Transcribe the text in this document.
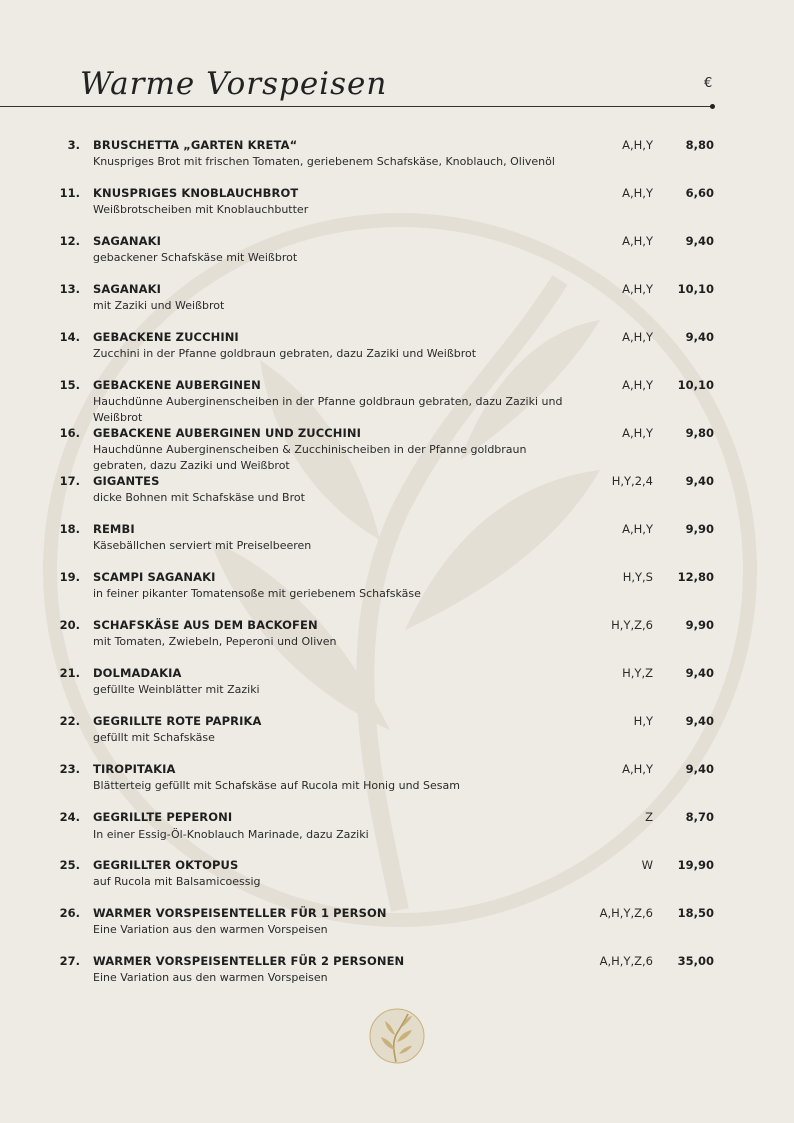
Warme Vorspeisen	€
3. BRUSCHETTA „GARTEN KRETA“
Knuspriges Brot mit frischen Tomaten, geriebenem Schafskäse, Knoblauch, Olivenöl
A,H,Y	8,80
11. KNUSPRIGES KNOBLAUCHBROT
Weißbrotscheiben mit Knoblauchbutter
A,H,Y	6,60
12. SAGANAKI
gebackener Schafskäse mit Weißbrot
A,H,Y	9,40
13. SAGANAKI
mit Zaziki und Weißbrot
A,H,Y	10,10
14. GEBACKENE ZUCCHINI
Zucchini in der Pfanne goldbraun gebraten, dazu Zaziki und Weißbrot
A,H,Y	9,40
15. GEBACKENE AUBERGINEN
Hauchdünne Auberginenscheiben in der Pfanne goldbraun gebraten, dazu Zaziki und Weißbrot
A,H,Y	10,10
16. GEBACKENE AUBERGINEN UND ZUCCHINI
Hauchdünne Auberginenscheiben & Zucchinischeiben in der Pfanne goldbraun gebraten, dazu Zaziki und Weißbrot
A,H,Y	9,80
17. GIGANTES
dicke Bohnen mit Schafskäse und Brot
H,Y,2,4	9,40
18. REMBI
Käsebällchen serviert mit Preiselbeeren
A,H,Y	9,90
19. SCAMPI SAGANAKI
in feiner pikanter Tomatensoße mit geriebenem Schafskäse
H,Y,S	12,80
20. SCHAFSKÄSE AUS DEM BACKOFEN
mit Tomaten, Zwiebeln, Peperoni und Oliven
H,Y,Z,6	9,90
21. DOLMADAKIA
gefüllte Weinblätter mit Zaziki
H,Y,Z	9,40
22. GEGRILLTE ROTE PAPRIKA
gefüllt mit Schafskäse
H,Y	9,40
23. TIROPITAKIA
Blätterteig gefüllt mit Schafskäse auf Rucola mit Honig und Sesam
A,H,Y	9,40
24. GEGRILLTE PEPERONI
In einer Essig-Öl-Knoblauch Marinade, dazu Zaziki
Z	8,70
25. GEGRILLTER OKTOPUS
auf Rucola mit Balsamicoessig
W	19,90
26. WARMER VORSPEISENTELLER FÜR 1 PERSON
Eine Variation aus den warmen Vorspeisen
A,H,Y,Z,6	18,50
27. WARMER VORSPEISENTELLER FÜR 2 PERSONEN
Eine Variation aus den warmen Vorspeisen
A,H,Y,Z,6	35,00
